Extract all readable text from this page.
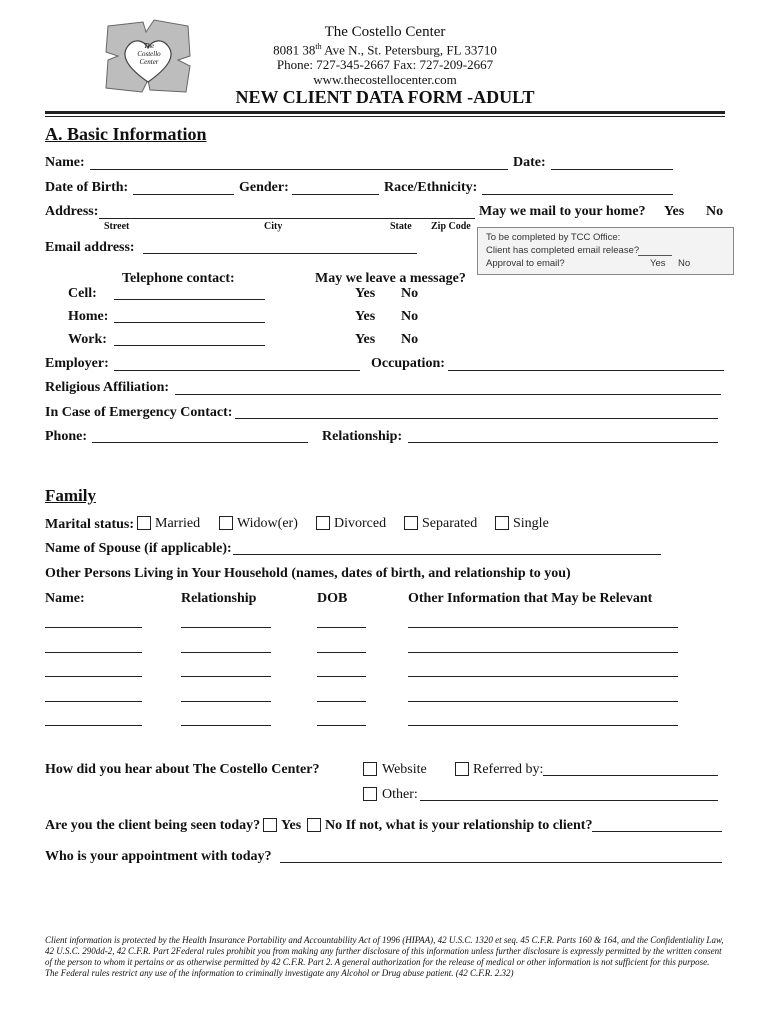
The
Costello
Center
The Costello Center
8081 38th Ave N., St. Petersburg, FL 33710
Phone: 727-345-2667 Fax: 727-209-2667
www.thecostellocenter.com
NEW CLIENT DATA FORM -ADULT
A. Basic Information
Name:	Date:
Date of Birth:	Gender:	Race/Ethnicity:
Address:	May we mail to your home? Yes No
Street	City	State Zip Code
Email address:
To be completed by TCC Office:
Client has completed email release?
Approval to email?	Yes No
Telephone contact:	May we leave a message?
Cell:	Yes No
Home:	Yes No
Work:	Yes No
Employer:	Occupation:
Religious Affiliation:
In Case of Emergency Contact:
Phone:	Relationship:
Family
Marital status: Married	Widow(er)	Divorced	Separated	Single
Name of Spouse (if applicable):
Other Persons Living in Your Household (names, dates of birth, and relationship to you)
Name:	Relationship	DOB	Other Information that May be Relevant
How did you hear about The Costello Center?	Website	Referred by:
Other:
Are you the client being seen today? Yes No If not, what is your relationship to client?
Who is your appointment with today?
Client information is protected by the Health Insurance Portability and Accountability Act of 1996 (HIPAA), 42 U.S.C. 1320 et seq. 45 C.F.R. Parts 160 & 164, and the Confidentiality Law, 42 U.S.C. 290dd-2, 42 C.F.R. Part 2Federal rules prohibit you from making any further disclosure of this information unless further disclosure is expressly permitted by the written consent of the person to whom it pertains or as otherwise permitted by 42 C.F.R. Part 2. A general authorization for the release of medical or other information is not sufficient for this purpose. The Federal rules restrict any use of the information to criminally investigate any Alcohol or Drug abuse patient. (42 C.F.R. 2.32)
